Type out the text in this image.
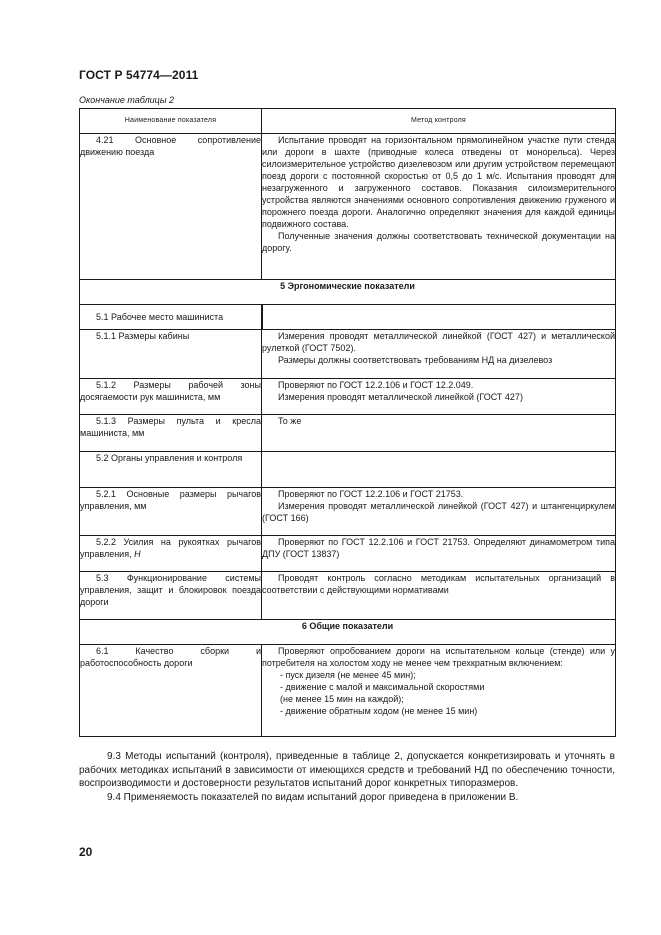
ГОСТ Р 54774—2011
Окончание таблицы 2
Наименование показателя	Метод контроля

4.21 Основное сопротивление движению поезда	Испытание проводят на горизонтальном прямолинейном участке пути стенда или дороги в шахте (приводные колеса отведены от монорельса). Через силоизмерительное устройство дизелевозом или другим устройством перемещают поезд дороги с постоянной скоростью от 0,5 до 1 м/с. Испытания проводят для незагруженного и загруженного составов. Показания силоизмерительного устройства являются значениями основного сопротивления движению груженого и порожнего поезда дороги. Аналогично определяют значения для каждой единицы подвижного состава.

Полученные значения должны соответствовать технической документации на дорогу.

5 Эргономические показатели	

5.1 Рабочее место машиниста	

5.1.1 Размеры кабины	Измерения проводят металлической линейкой (ГОСТ 427) и металлической рулеткой (ГОСТ 7502).

Размеры должны соответствовать требованиям НД на дизелевоз

5.1.2 Размеры рабочей зоны досягаемости рук машиниста, мм	Проверяют по ГОСТ 12.2.106 и ГОСТ 12.2.049.

Измерения проводят металлической линейкой (ГОСТ 427)

5.1.3 Размеры пульта и кресла машиниста, мм	То же

5.2 Органы управления и контроля	

5.2.1 Основные размеры рычагов управления, мм	Проверяют по ГОСТ 12.2.106 и ГОСТ 21753.

Измерения проводят металлической линейкой (ГОСТ 427) и штангенциркулем (ГОСТ 166)

5.2.2 Усилия на рукоятках рычагов управления, Н	Проверяют по ГОСТ 12.2.106 и ГОСТ 21753. Определяют динамометром типа ДПУ (ГОСТ 13837)

5.3 Функционирование системы управления, защит и блокировок поезда дороги	Проводят контроль согласно методикам испытательных организаций в соответствии с действующими нормативами

6 Общие показатели	

6.1 Качество сборки и работоспособность дороги	Проверяют опробованием дороги на испытательном кольце (стенде) или у потребителя на холостом ходу не менее чем трехкратным включением:

- пуск дизеля (не менее 45 мин);

- движение с малой и максимальной скоростями

(не менее 15 мин на каждой);

- движение обратным ходом (не менее 15 мин)

9.3 Методы испытаний (контроля), приведенные в таблице 2, допускается конкретизировать и уточнять в рабочих методиках испытаний в зависимости от имеющихся средств и требований НД по обеспечению точности, воспроизводимости и достоверности результатов испытаний дорог конкретных типоразмеров.

9.4 Применяемость показателей по видам испытаний дорог приведена в приложении В.

20
